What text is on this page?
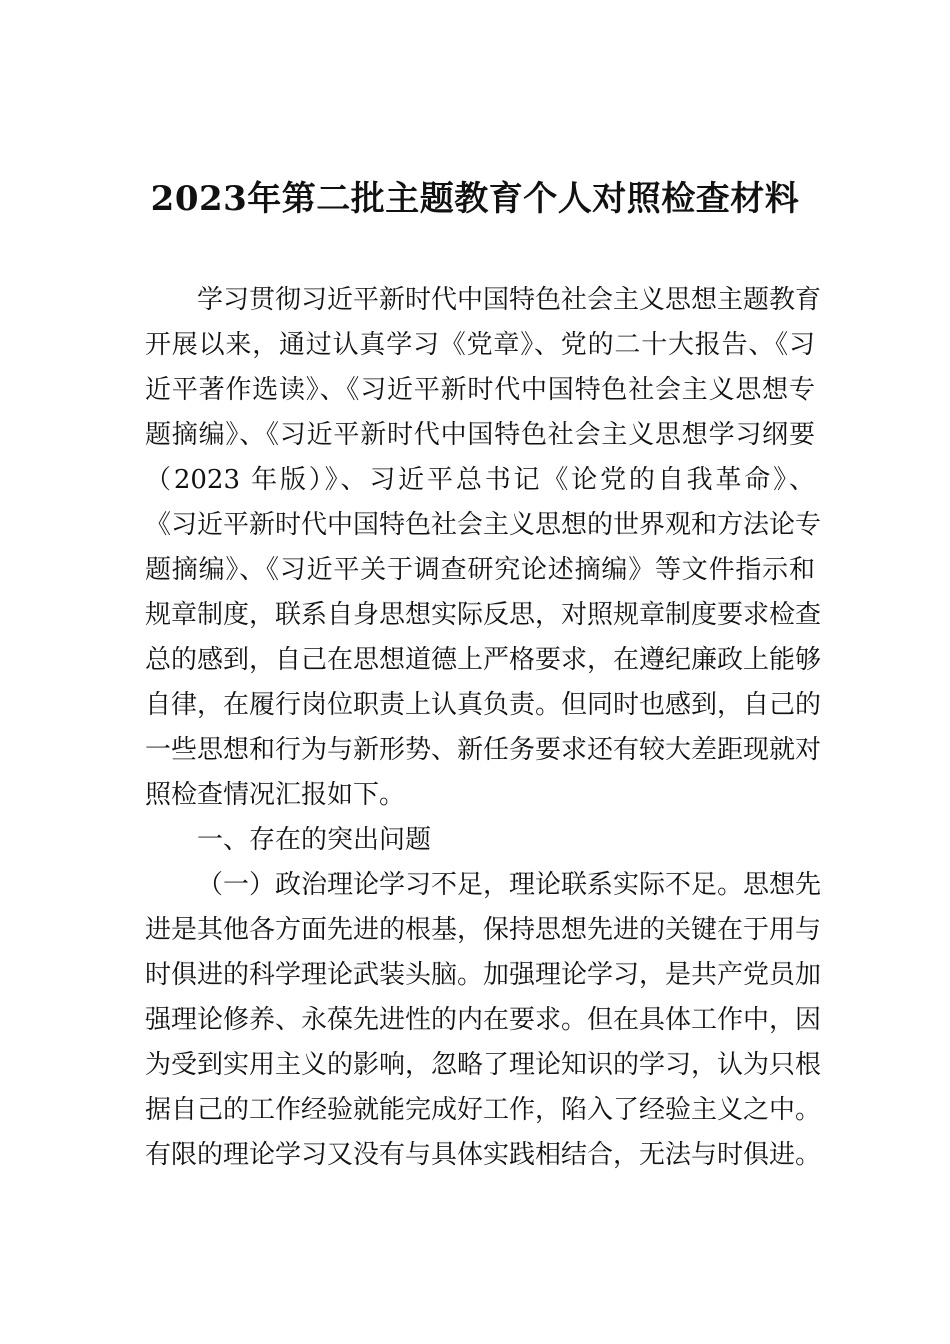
2023年第二批主题教育个人对照检查材料
学习贯彻习近平新时代中国特色社会主义思想主题教育
开展以来，通过认真学习《党章》、党的二十大报告、《习
近平著作选读》、《习近平新时代中国特色社会主义思想专
题摘编》、《习近平新时代中国特色社会主义思想学习纲要
（2023 年版）》、习近平总书记《论党的自我革命》、
《习近平新时代中国特色社会主义思想的世界观和方法论专
题摘编》、《习近平关于调查研究论述摘编》等文件指示和
规章制度，联系自身思想实际反思，对照规章制度要求检查
总的感到，自己在思想道德上严格要求，在遵纪廉政上能够
自律，在履行岗位职责上认真负责。但同时也感到，自己的
一些思想和行为与新形势、新任务要求还有较大差距现就对
照检查情况汇报如下。
一、存在的突出问题
（一）政治理论学习不足，理论联系实际不足。思想先
进是其他各方面先进的根基，保持思想先进的关键在于用与
时俱进的科学理论武装头脑。加强理论学习，是共产党员加
强理论修养、永葆先进性的内在要求。但在具体工作中，因
为受到实用主义的影响，忽略了理论知识的学习，认为只根
据自己的工作经验就能完成好工作，陷入了经验主义之中。
有限的理论学习又没有与具体实践相结合，无法与时俱进。
